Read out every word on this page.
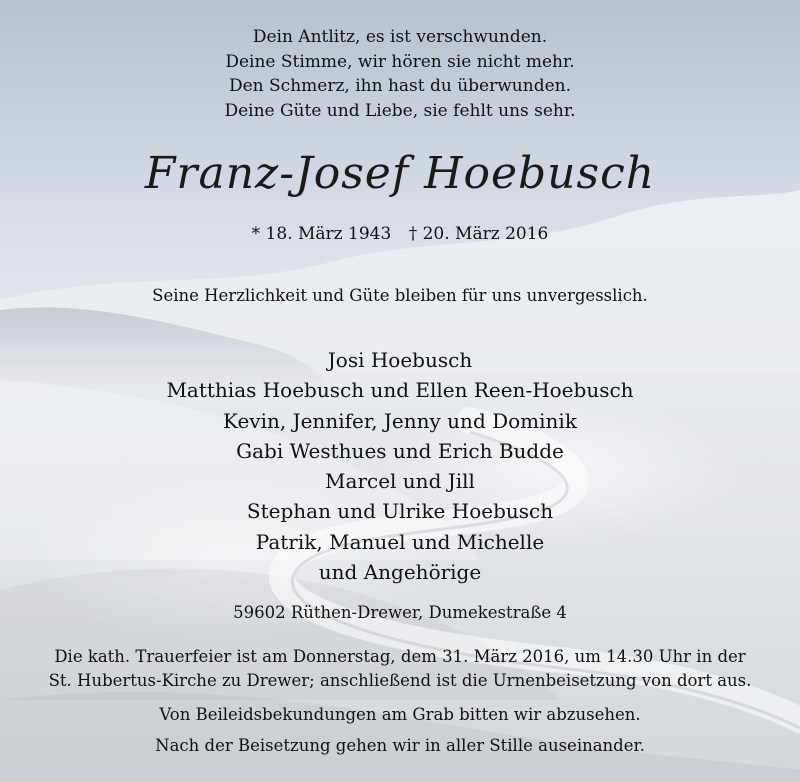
Dein Antlitz, es ist verschwunden.
Deine Stimme, wir hören sie nicht mehr.
Den Schmerz, ihn hast du überwunden.
Deine Güte und Liebe, sie fehlt uns sehr.
Franz-Josef Hoebusch
* 18. März 1943 † 20. März 2016
Seine Herzlichkeit und Güte bleiben für uns unvergesslich.
Josi Hoebusch
Matthias Hoebusch und Ellen Reen-Hoebusch
Kevin, Jennifer, Jenny und Dominik
Gabi Westhues und Erich Budde
Marcel und Jill
Stephan und Ulrike Hoebusch
Patrik, Manuel und Michelle
und Angehörige
59602 Rüthen-Drewer, Dumekestraße 4
Die kath. Trauerfeier ist am Donnerstag, dem 31. März 2016, um 14.30 Uhr in der
St. Hubertus-Kirche zu Drewer; anschließend ist die Urnenbeisetzung von dort aus.
Von Beileidsbekundungen am Grab bitten wir abzusehen.
Nach der Beisetzung gehen wir in aller Stille auseinander.
